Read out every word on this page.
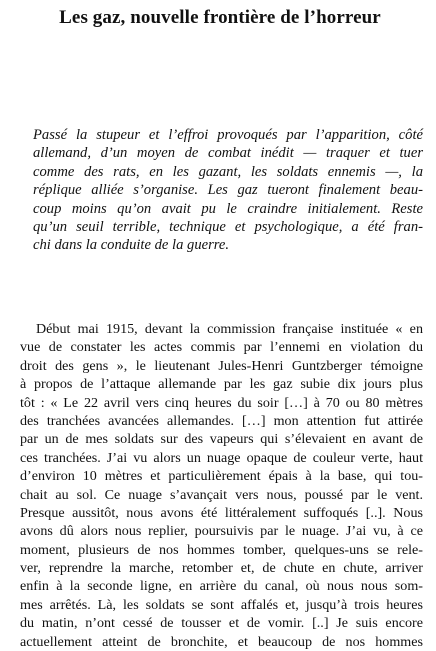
Les gaz, nouvelle frontière de l’horreur
Passé la stupeur et l’effroi provoqués par l’apparition, côté
allemand, d’un moyen de combat inédit — traquer et tuer
comme des rats, en les gazant, les soldats ennemis —, la
réplique alliée s’organise. Les gaz tueront finalement beau-
coup moins qu’on avait pu le craindre initialement. Reste
qu’un seuil terrible, technique et psychologique, a été fran-
chi dans la conduite de la guerre.
Début mai 1915, devant la commission française instituée « en
vue de constater les actes commis par l’ennemi en violation du
droit des gens », le lieutenant Jules-Henri Guntzberger témoigne
à propos de l’attaque allemande par les gaz subie dix jours plus
tôt : « Le 22 avril vers cinq heures du soir […] à 70 ou 80 mètres
des tranchées avancées allemandes. […] mon attention fut attirée
par un de mes soldats sur des vapeurs qui s’élevaient en avant de
ces tranchées. J’ai vu alors un nuage opaque de couleur verte, haut
d’environ 10 mètres et particulièrement épais à la base, qui tou-
chait au sol. Ce nuage s’avançait vers nous, poussé par le vent.
Presque aussitôt, nous avons été littéralement suffoqués [..]. Nous
avons dû alors nous replier, poursuivis par le nuage. J’ai vu, à ce
moment, plusieurs de nos hommes tomber, quelques-uns se rele-
ver, reprendre la marche, retomber et, de chute en chute, arriver
enfin à la seconde ligne, en arrière du canal, où nous nous som-
mes arrêtés. Là, les soldats se sont affalés et, jusqu’à trois heures
du matin, n’ont cessé de tousser et de vomir. [..] Je suis encore
actuellement atteint de bronchite, et beaucoup de nos hommes
